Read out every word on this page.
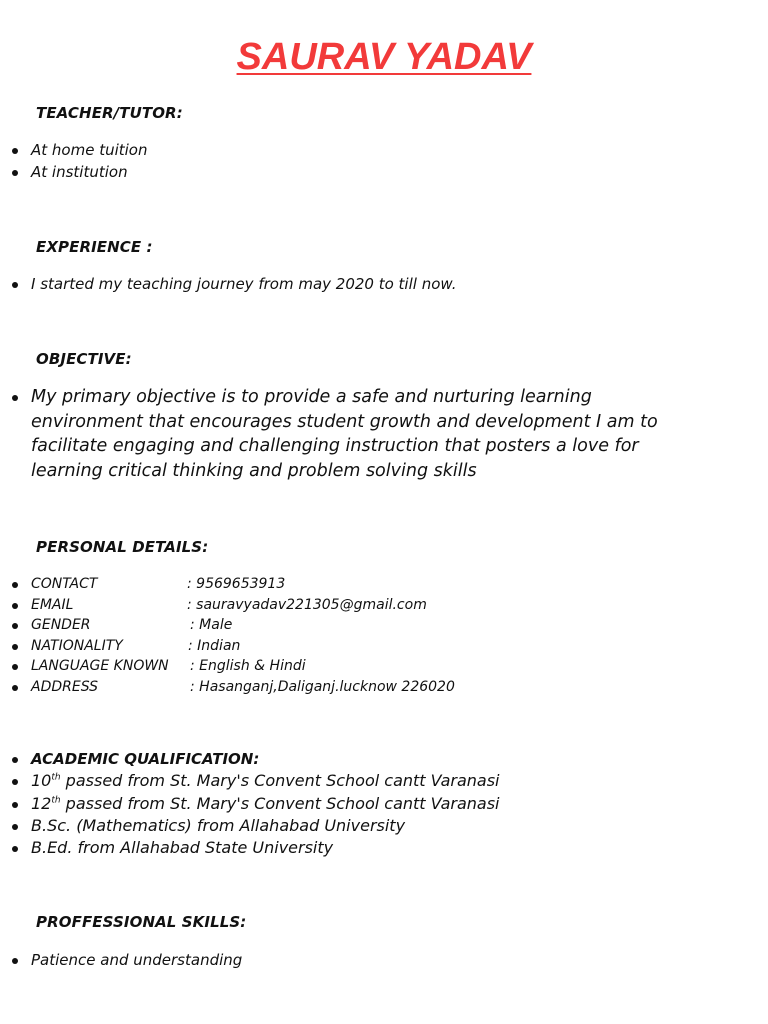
SAURAV YADAV

TEACHER/TUTOR:

At home tuition
At institution

EXPERIENCE :

I started my teaching journey from may 2020 to till now.

OBJECTIVE:

My primary objective is to provide a safe and nurturing learning environment that encourages student growth and development I am to facilitate engaging and challenging instruction that posters a love for learning critical thinking and problem solving skills

PERSONAL DETAILS:

CONTACT	: 9569653913
EMAIL	: sauravyadav221305@gmail.com
GENDER	: Male
NATIONALITY	: Indian
LANGUAGE KNOWN : English & Hindi
ADDRESS	: Hasanganj,Daliganj.lucknow 226020
ACADEMIC QUALIFICATION:
10th passed from St. Mary's Convent School cantt Varanasi
12th passed from St. Mary's Convent School cantt Varanasi
B.Sc. (Mathematics) from Allahabad University
B.Ed. from Allahabad State University

PROFFESSIONAL SKILLS:

Patience and understanding
